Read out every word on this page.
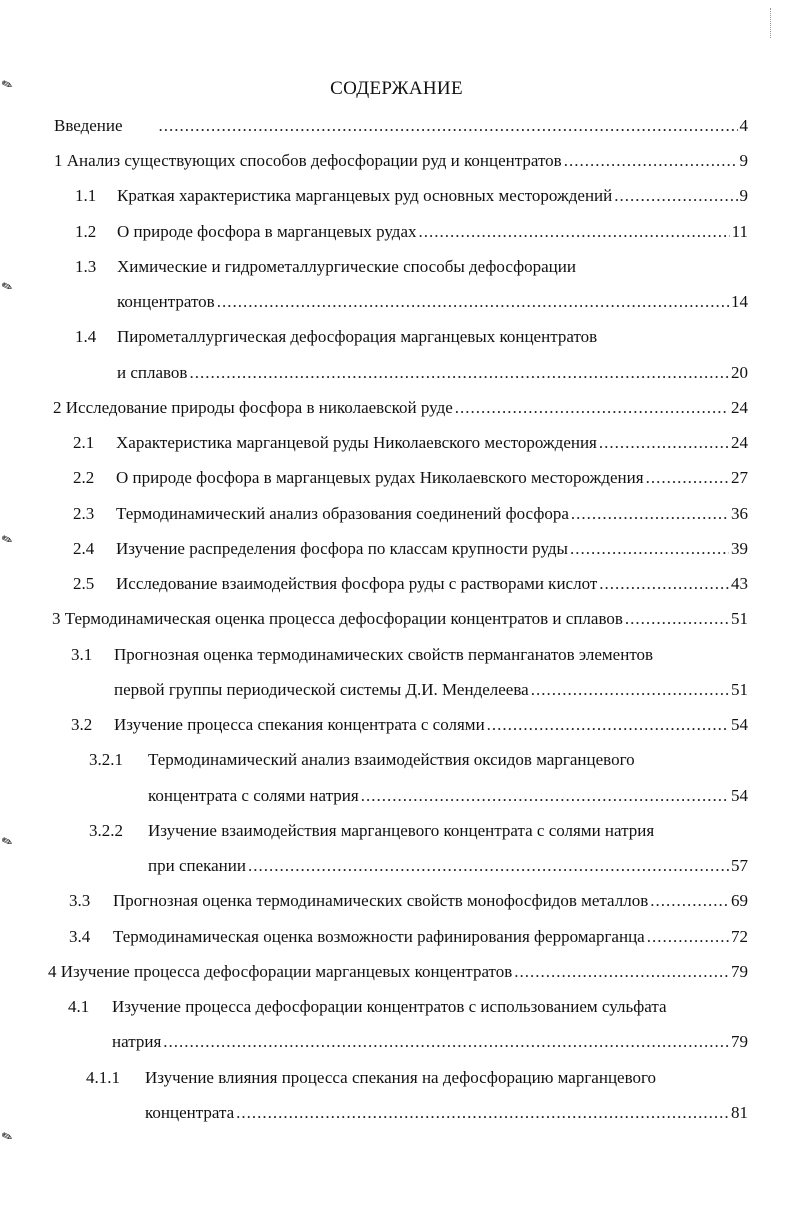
✎
✎
✎
✎
✎
СОДЕРЖАНИЕ
Введение .....	4
1 Анализ существующих способов дефосфорации руд и концентратов .....	9
1.1 Краткая характеристика марганцевых руд основных месторождений .....	9
1.2 О природе фосфора в марганцевых рудах .....	11
1.3 Химические и гидрометаллургические способы дефосфорации
концентратов .....	14
1.4 Пирометаллургическая дефосфорация марганцевых концентратов
и сплавов .....	20
2 Исследование природы фосфора в николаевской руде .....	24
2.1 Характеристика марганцевой руды Николаевского месторождения .....	24
2.2 О природе фосфора в марганцевых рудах Николаевского месторождения .....	27
2.3 Термодинамический анализ образования соединений фосфора .....	36
2.4 Изучение распределения фосфора по классам крупности руды .....	39
2.5 Исследование взаимодействия фосфора руды с растворами кислот .....	43
3 Термодинамическая оценка процесса дефосфорации концентратов и сплавов .....	51
3.1 Прогнозная оценка термодинамических свойств перманганатов элементов
первой группы периодической системы Д.И. Менделеева .....	51
3.2 Изучение процесса спекания концентрата с солями .....	54
3.2.1 Термодинамический анализ взаимодействия оксидов марганцевого
концентрата с солями натрия .....	54
3.2.2 Изучение взаимодействия марганцевого концентрата с солями натрия
при спекании .....	57
3.3 Прогнозная оценка термодинамических свойств монофосфидов металлов .....	69
3.4 Термодинамическая оценка возможности рафинирования ферромарганца .....	72
4 Изучение процесса дефосфорации марганцевых концентратов .....	79
4.1 Изучение процесса дефосфорации концентратов с использованием сульфата
натрия .....	79
4.1.1 Изучение влияния процесса спекания на дефосфорацию марганцевого
концентрата .....	81
